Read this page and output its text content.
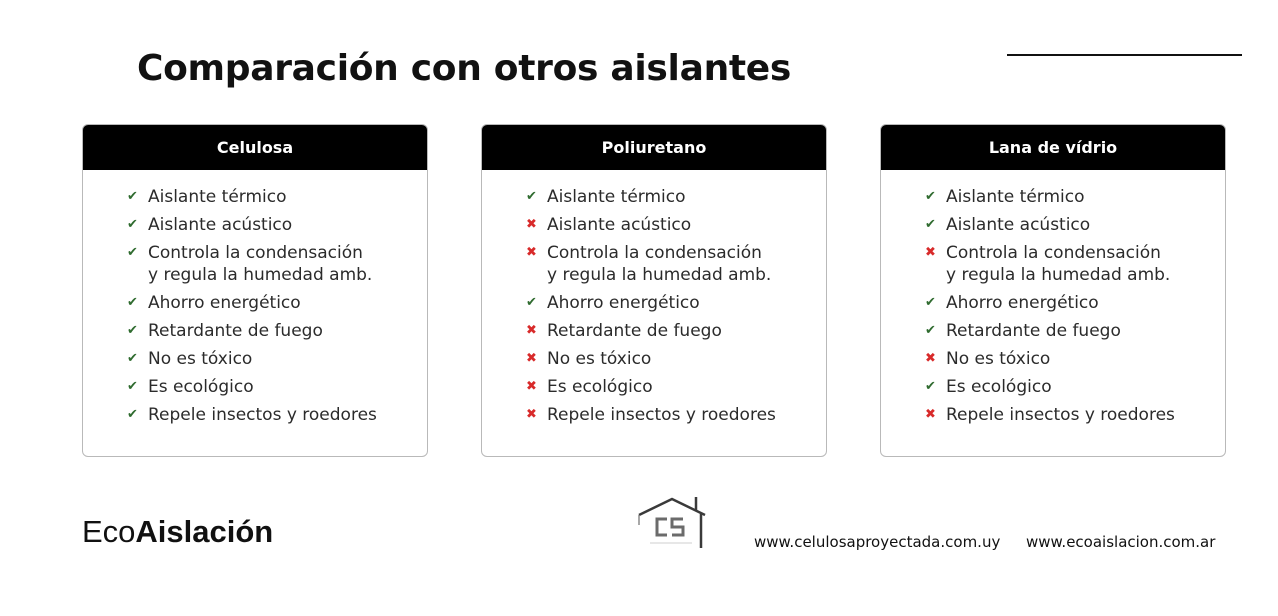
Comparación con otros aislantes
Celulosa
✔ Aislante térmico
✔ Aislante acústico
✔ Controla la condensación
y regula la humedad amb.
✔ Ahorro energético
✔ Retardante de fuego
✔ No es tóxico
✔ Es ecológico
✔ Repele insectos y roedores
Poliuretano
✔ Aislante térmico
✖ Aislante acústico
✖ Controla la condensación
y regula la humedad amb.
✔ Ahorro energético
✖ Retardante de fuego
✖ No es tóxico
✖ Es ecológico
✖ Repele insectos y roedores
Lana de vídrio
✔ Aislante térmico
✔ Aislante acústico
✖ Controla la condensación
y regula la humedad amb.
✔ Ahorro energético
✔ Retardante de fuego
✖ No es tóxico
✔ Es ecológico
✖ Repele insectos y roedores
EcoAislación	www.celulosaproyectada.com.uy www.ecoaislacion.com.ar
